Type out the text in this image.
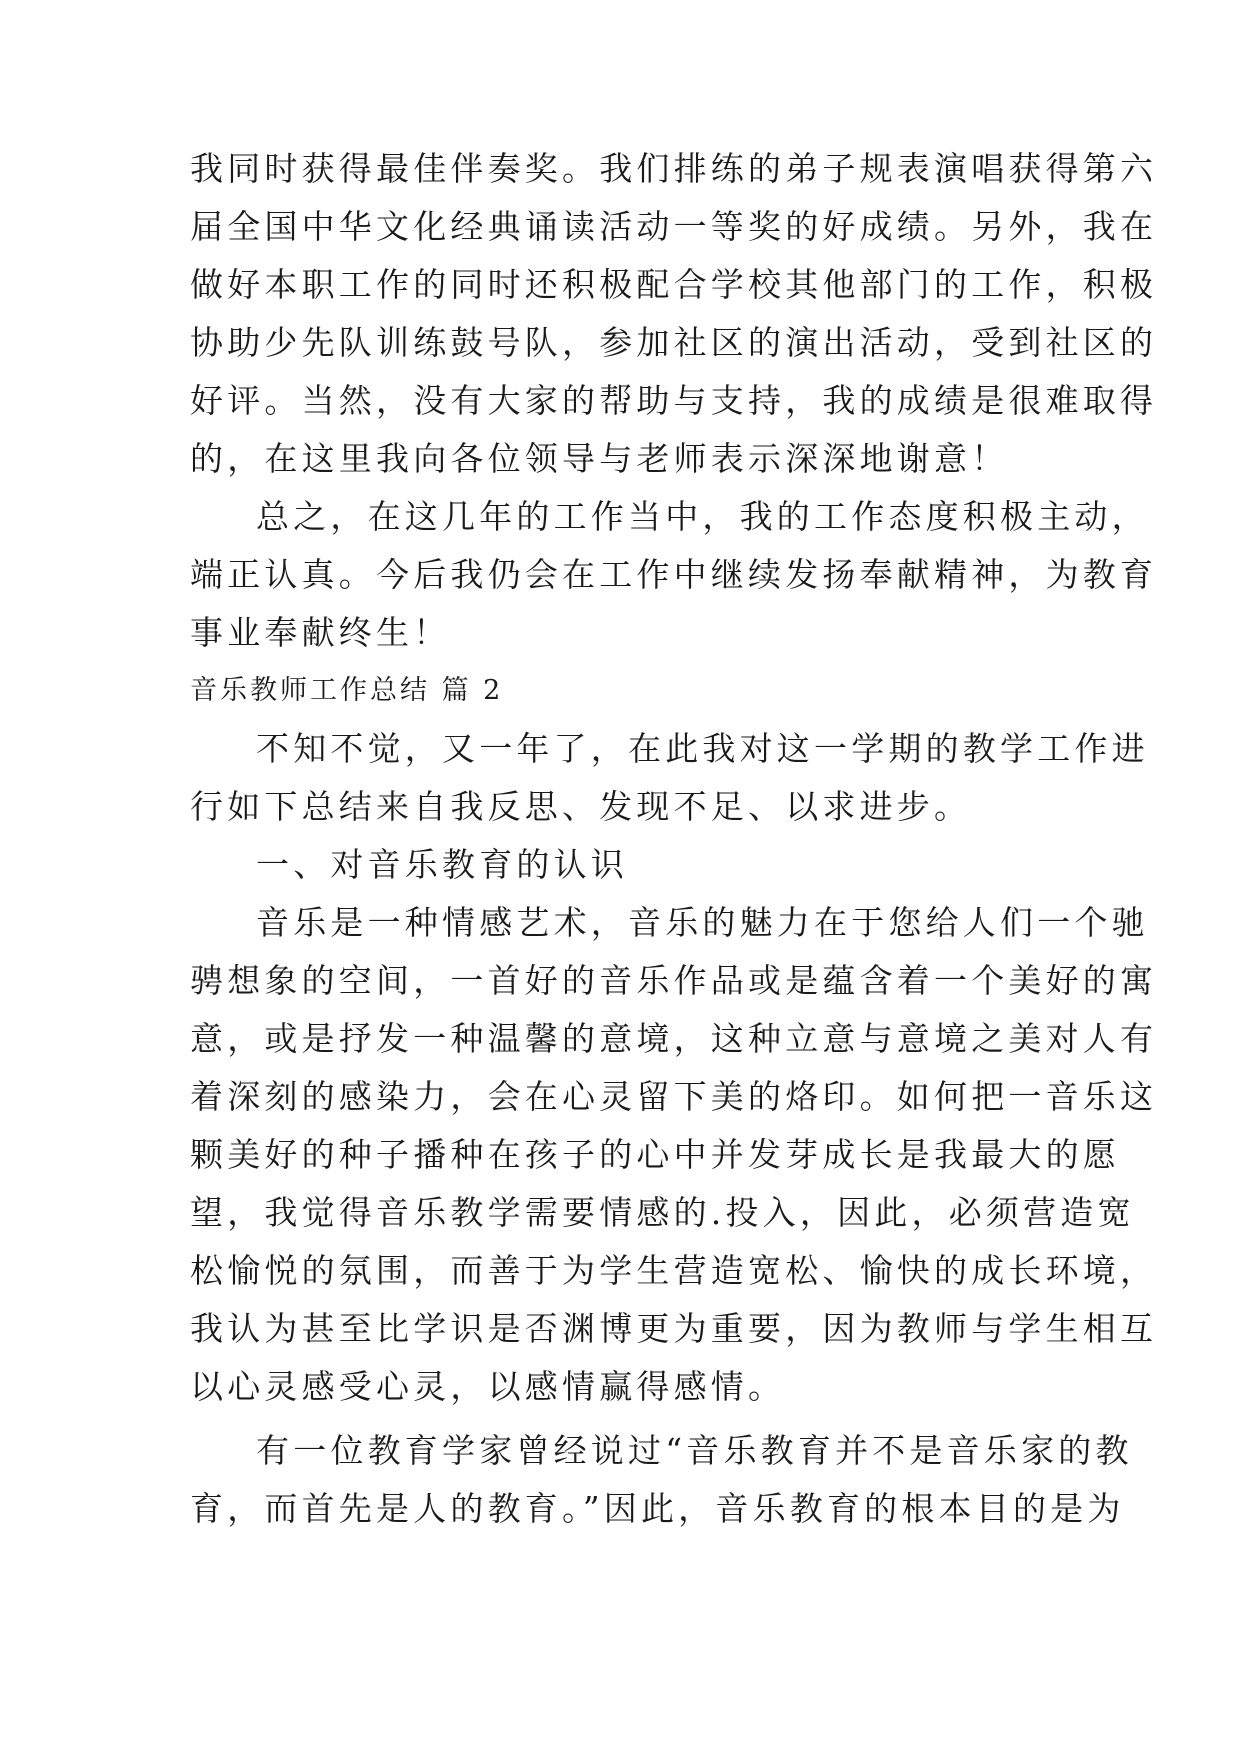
我同时获得最佳伴奏奖。我们排练的弟子规表演唱获得第六
届全国中华文化经典诵读活动一等奖的好成绩。另外，我在
做好本职工作的同时还积极配合学校其他部门的工作，积极
协助少先队训练鼓号队，参加社区的演出活动，受到社区的
好评。当然，没有大家的帮助与支持，我的成绩是很难取得
的，在这里我向各位领导与老师表示深深地谢意！
总之，在这几年的工作当中，我的工作态度积极主动，
端正认真。今后我仍会在工作中继续发扬奉献精神，为教育
事业奉献终生！
音乐教师工作总结 篇 2
不知不觉，又一年了，在此我对这一学期的教学工作进
行如下总结来自我反思、发现不足、以求进步。
一、对音乐教育的认识
音乐是一种情感艺术，音乐的魅力在于您给人们一个驰
骋想象的空间，一首好的音乐作品或是蕴含着一个美好的寓
意，或是抒发一种温馨的意境，这种立意与意境之美对人有
着深刻的感染力，会在心灵留下美的烙印。如何把一音乐这
颗美好的种子播种在孩子的心中并发芽成长是我最大的愿
望，我觉得音乐教学需要情感的.投入，因此，必须营造宽
松愉悦的氛围，而善于为学生营造宽松、愉快的成长环境，
我认为甚至比学识是否渊博更为重要，因为教师与学生相互
以心灵感受心灵，以感情赢得感情。
有一位教育学家曾经说过“音乐教育并不是音乐家的教
育，而首先是人的教育。”因此，音乐教育的根本目的是为
